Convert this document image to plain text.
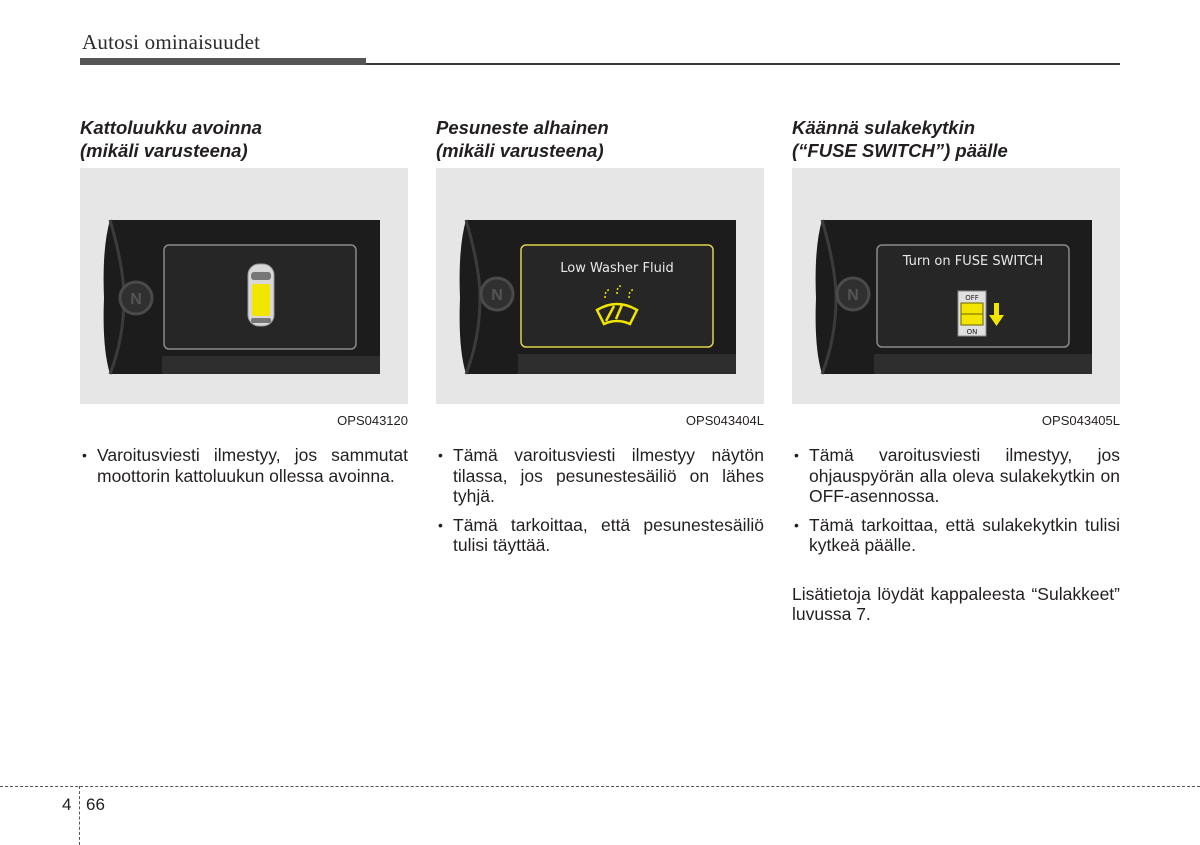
Autosi ominaisuudet
Kattoluukku avoinna
(mikäli varusteena)
N
OPS043120
• Varoitusviesti ilmestyy, jos sammutat moottorin kattoluukun ollessa avoinna.
Pesuneste alhainen
(mikäli varusteena)
N
Low Washer Fluid
OPS043404L
• Tämä varoitusviesti ilmestyy näytön tilassa, jos pesunestesäiliö on lähes tyhjä.
• Tämä tarkoittaa, että pesunestesäiliö tulisi täyttää.
Käännä sulakekytkin
(“FUSE SWITCH”) päälle
N
Turn on FUSE SWITCH
OFF
ON
OPS043405L
• Tämä varoitusviesti ilmestyy, jos ohjauspyörän alla oleva sulakekytkin on OFF-asennossa.
• Tämä tarkoittaa, että sulakekytkin tulisi kytkeä päälle.
Lisätietoja löydät kappaleesta “Sulakkeet” luvussa 7.
4 66
